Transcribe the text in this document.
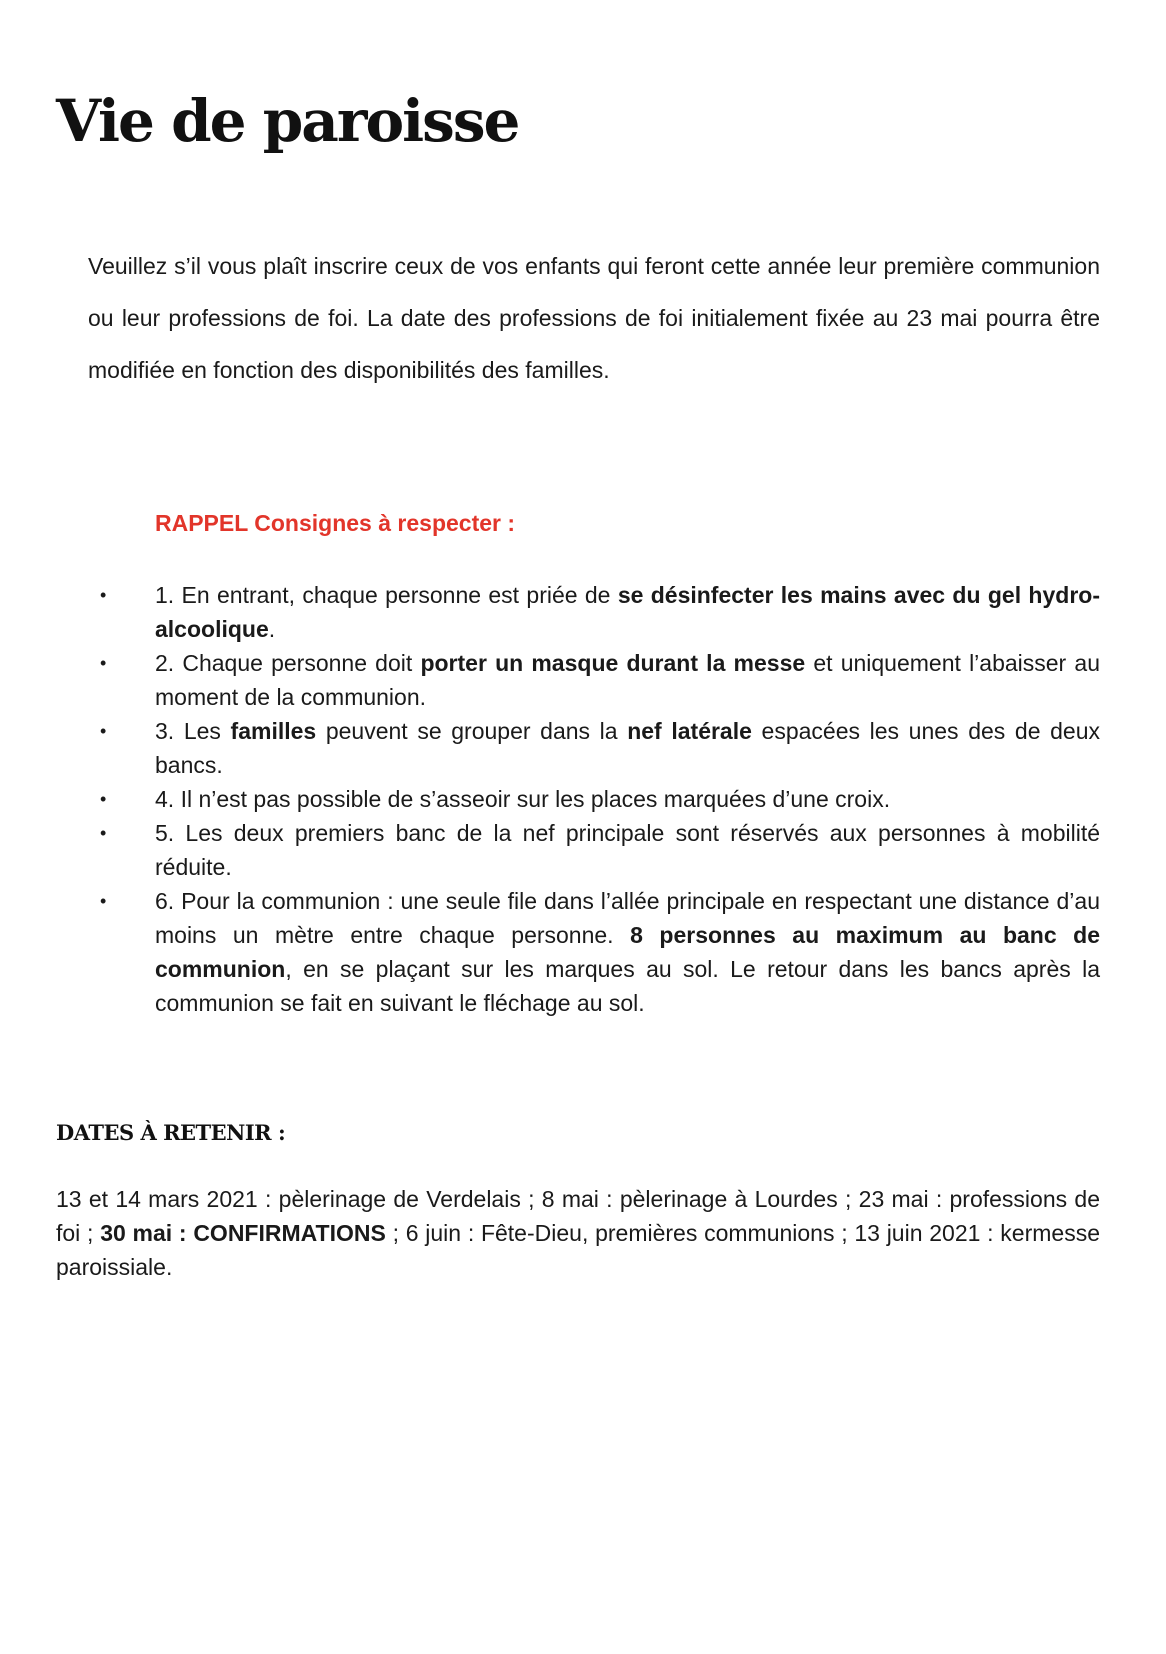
Vie de paroisse

Veuillez s’il vous plaît inscrire ceux de vos enfants qui feront cette année leur première communion ou leur professions de foi. La date des professions de foi initialement fixée au 23 mai pourra être modifiée en fonction des disponibilités des familles.

RAPPEL Consignes à respecter :

• 1. En entrant, chaque personne est priée de se désinfecter les mains avec du gel hydro-alcoolique.
• 2. Chaque personne doit porter un masque durant la messe et uniquement l’abaisser au moment de la communion.
• 3. Les familles peuvent se grouper dans la nef latérale espacées les unes des de deux bancs.
• 4. Il n’est pas possible de s’asseoir sur les places marquées d’une croix.
• 5. Les deux premiers banc de la nef principale sont réservés aux personnes à mobilité réduite.
• 6. Pour la communion : une seule file dans l’allée principale en respectant une distance d’au moins un mètre entre chaque personne. 8 personnes au maximum au banc de communion, en se plaçant sur les marques au sol. Le retour dans les bancs après la communion se fait en suivant le fléchage au sol.
DATES À RETENIR :

13 et 14 mars 2021 : pèlerinage de Verdelais ; 8 mai : pèlerinage à Lourdes ; 23 mai : professions de foi ; 30 mai : CONFIRMATIONS ; 6 juin : Fête-Dieu, premières communions ; 13 juin 2021 : kermesse paroissiale.
